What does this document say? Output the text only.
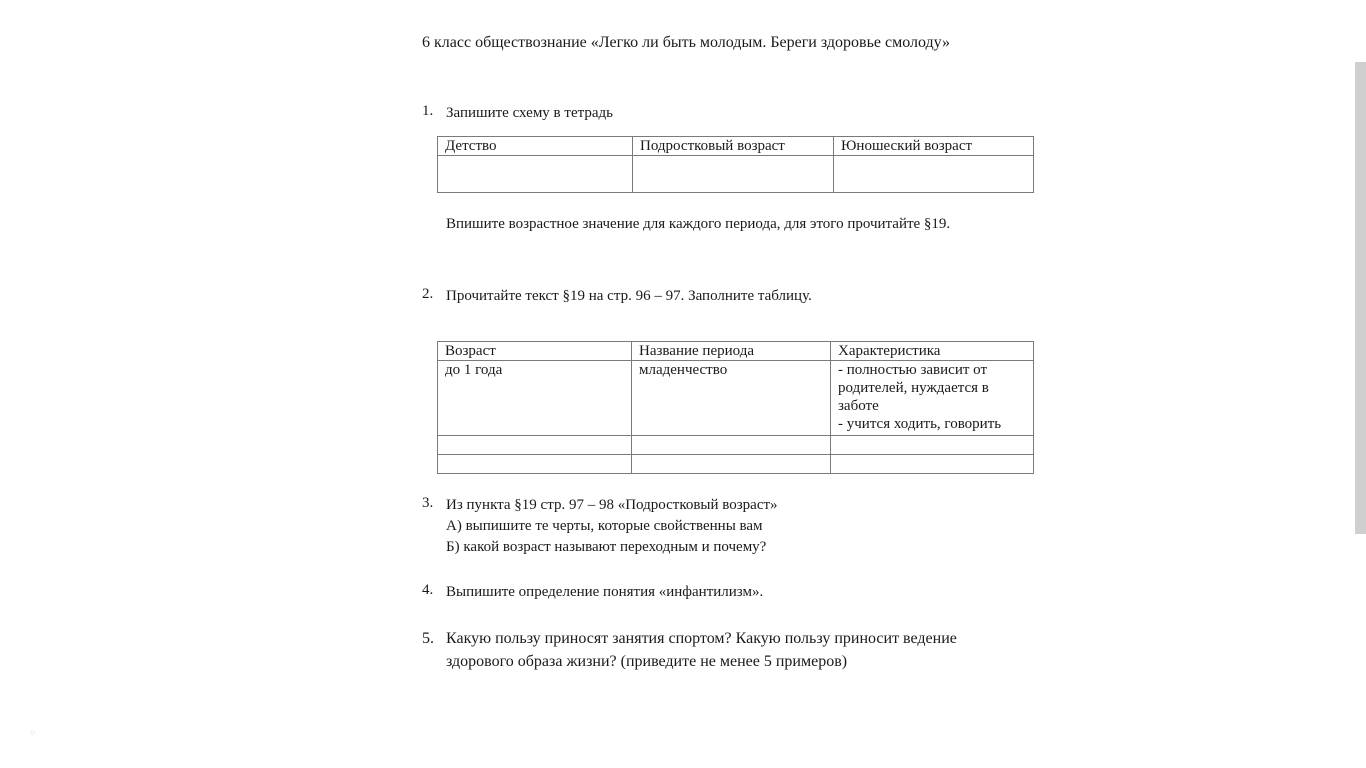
6 класс обществознание «Легко ли быть молодым. Береги здоровье смолоду»
1. Запишите схему в тетрадь
Детство	Подростковый возраст	Юношеский возраст

Впишите возрастное значение для каждого периода, для этого прочитайте §19.
2. Прочитайте текст §19 на стр. 96 – 97. Заполните таблицу.
Возраст	Название периода	Характеристика
до 1 года	младенчество	- полностью зависит от
родителей, нуждается в
заботе
- учится ходить, говорить

3. Из пункта §19 стр. 97 – 98 «Подростковый возраст»
А) выпишите те черты, которые свойственны вам
Б) какой возраст называют переходным и почему?
4. Выпишите определение понятия «инфантилизм».
5. Какую пользу приносят занятия спортом? Какую пользу приносит ведение
здорового образа жизни? (приведите не менее 5 примеров)
◌
